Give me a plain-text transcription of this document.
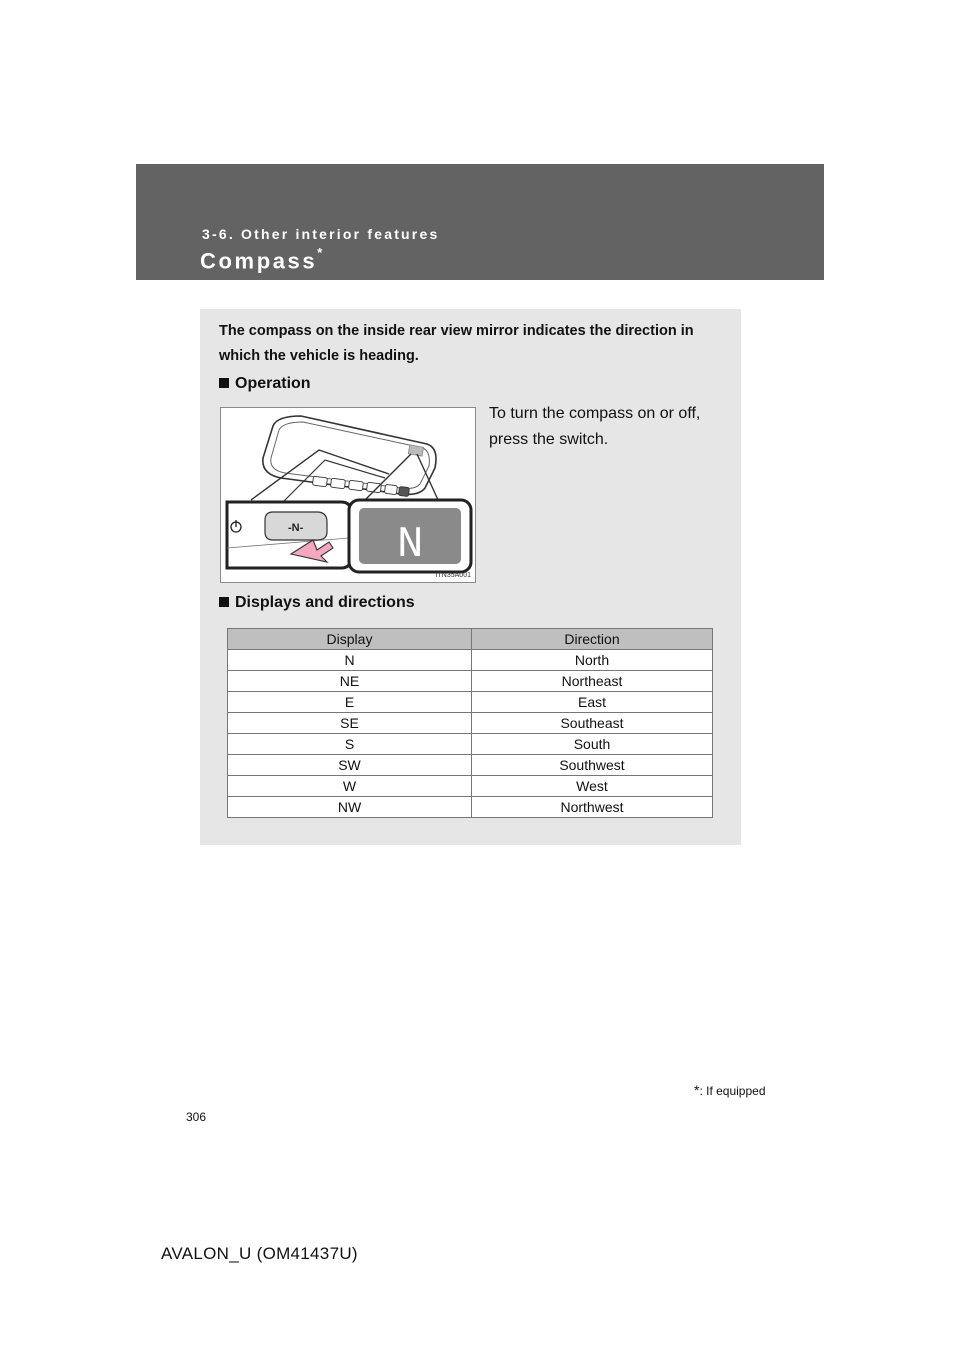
3-6. Other interior features
Compass*
The compass on the inside rear view mirror indicates the direction in which the vehicle is heading.
Operation
-N- N
ITN35A001
To turn the compass on or off, press the switch.
Displays and directions
Display	Direction
N	North
NE	Northeast
E	East
SE	Southeast
S	South
SW	Southwest
W	West
NW	Northwest
*: If equipped
306
AVALON_U (OM41437U)
